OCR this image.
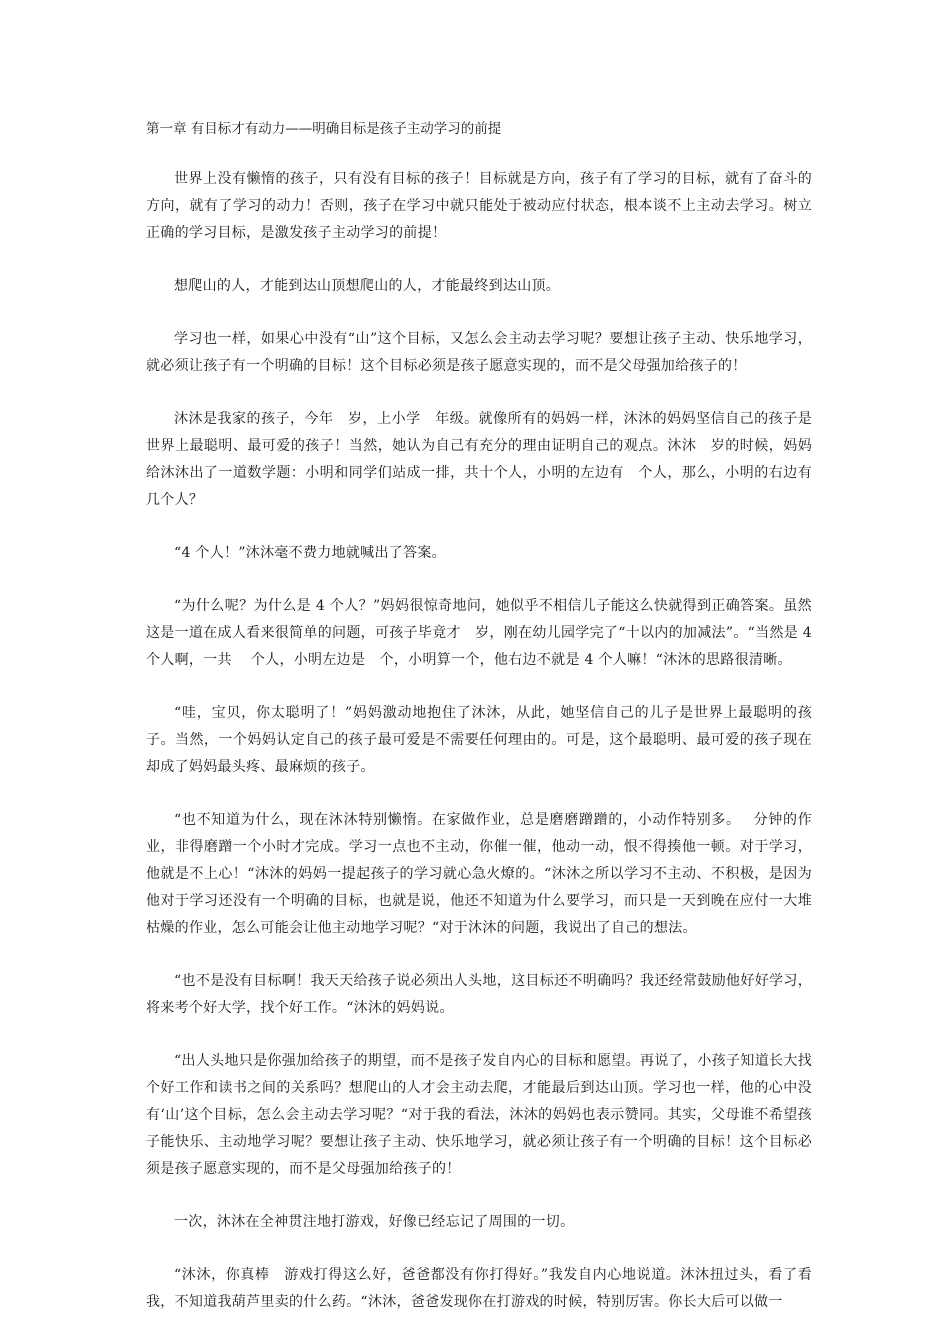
第一章 有目标才有动力——明确目标是孩子主动学习的前提

世界上没有懒惰的孩子，只有没有目标的孩子！目标就是方向，孩子有了学习的目标，就有了奋斗的方向，就有了学习的动力！否则，孩子在学习中就只能处于被动应付状态，根本谈不上主动去学习。树立正确的学习目标，是激发孩子主动学习的前提！

想爬山的人，才能到达山顶想爬山的人，才能最终到达山顶。

学习也一样，如果心中没有“山”这个目标，又怎么会主动去学习呢？要想让孩子主动、快乐地学习，就必须让孩子有一个明确的目标！这个目标必须是孩子愿意实现的，而不是父母强加给孩子的！

沐沐是我家的孩子，今年　岁，上小学　年级。就像所有的妈妈一样，沐沐的妈妈坚信自己的孩子是世界上最聪明、最可爱的孩子！当然，她认为自己有充分的理由证明自己的观点。沐沐　岁的时候，妈妈给沐沐出了一道数学题：小明和同学们站成一排，共十个人，小明的左边有　个人，那么，小明的右边有几个人？

“4 个人！”沐沐毫不费力地就喊出了答案。

“为什么呢？为什么是 4 个人？”妈妈很惊奇地问，她似乎不相信儿子能这么快就得到正确答案。虽然这是一道在成人看来很简单的问题，可孩子毕竟才　岁，刚在幼儿园学完了“十以内的加减法”。“当然是 4 个人啊，一共　 个人，小明左边是　个，小明算一个，他右边不就是 4 个人嘛！“沐沐的思路很清晰。

“哇，宝贝，你太聪明了！”妈妈激动地抱住了沐沐，从此，她坚信自己的儿子是世界上最聪明的孩子。当然，一个妈妈认定自己的孩子最可爱是不需要任何理由的。可是，这个最聪明、最可爱的孩子现在却成了妈妈最头疼、最麻烦的孩子。

“也不知道为什么，现在沐沐特别懒惰。在家做作业，总是磨磨蹭蹭的，小动作特别多。　 分钟的作业，非得磨蹭一个小时才完成。学习一点也不主动，你催一催，他动一动，恨不得揍他一顿。对于学习，他就是不上心！“沐沐的妈妈一提起孩子的学习就心急火燎的。“沐沐之所以学习不主动、不积极，是因为他对于学习还没有一个明确的目标，也就是说，他还不知道为什么要学习，而只是一天到晚在应付一大堆枯燥的作业，怎么可能会让他主动地学习呢？“对于沐沐的问题，我说出了自己的想法。

“也不是没有目标啊！我天天给孩子说必须出人头地，这目标还不明确吗？我还经常鼓励他好好学习，将来考个好大学，找个好工作。“沐沐的妈妈说。

“出人头地只是你强加给孩子的期望，而不是孩子发自内心的目标和愿望。再说了，小孩子知道长大找个好工作和读书之间的关系吗？想爬山的人才会主动去爬，才能最后到达山顶。学习也一样，他的心中没有‘山’这个目标，怎么会主动去学习呢？“对于我的看法，沐沐的妈妈也表示赞同。其实，父母谁不希望孩子能快乐、主动地学习呢？要想让孩子主动、快乐地学习，就必须让孩子有一个明确的目标！这个目标必须是孩子愿意实现的，而不是父母强加给孩子的！

一次，沐沐在全神贯注地打游戏，好像已经忘记了周围的一切。

“沐沐，你真棒　游戏打得这么好，爸爸都没有你打得好。”我发自内心地说道。沐沐扭过头，看了看我，不知道我葫芦里卖的什么药。“沐沐，爸爸发现你在打游戏的时候，特别厉害。你长大后可以做一
